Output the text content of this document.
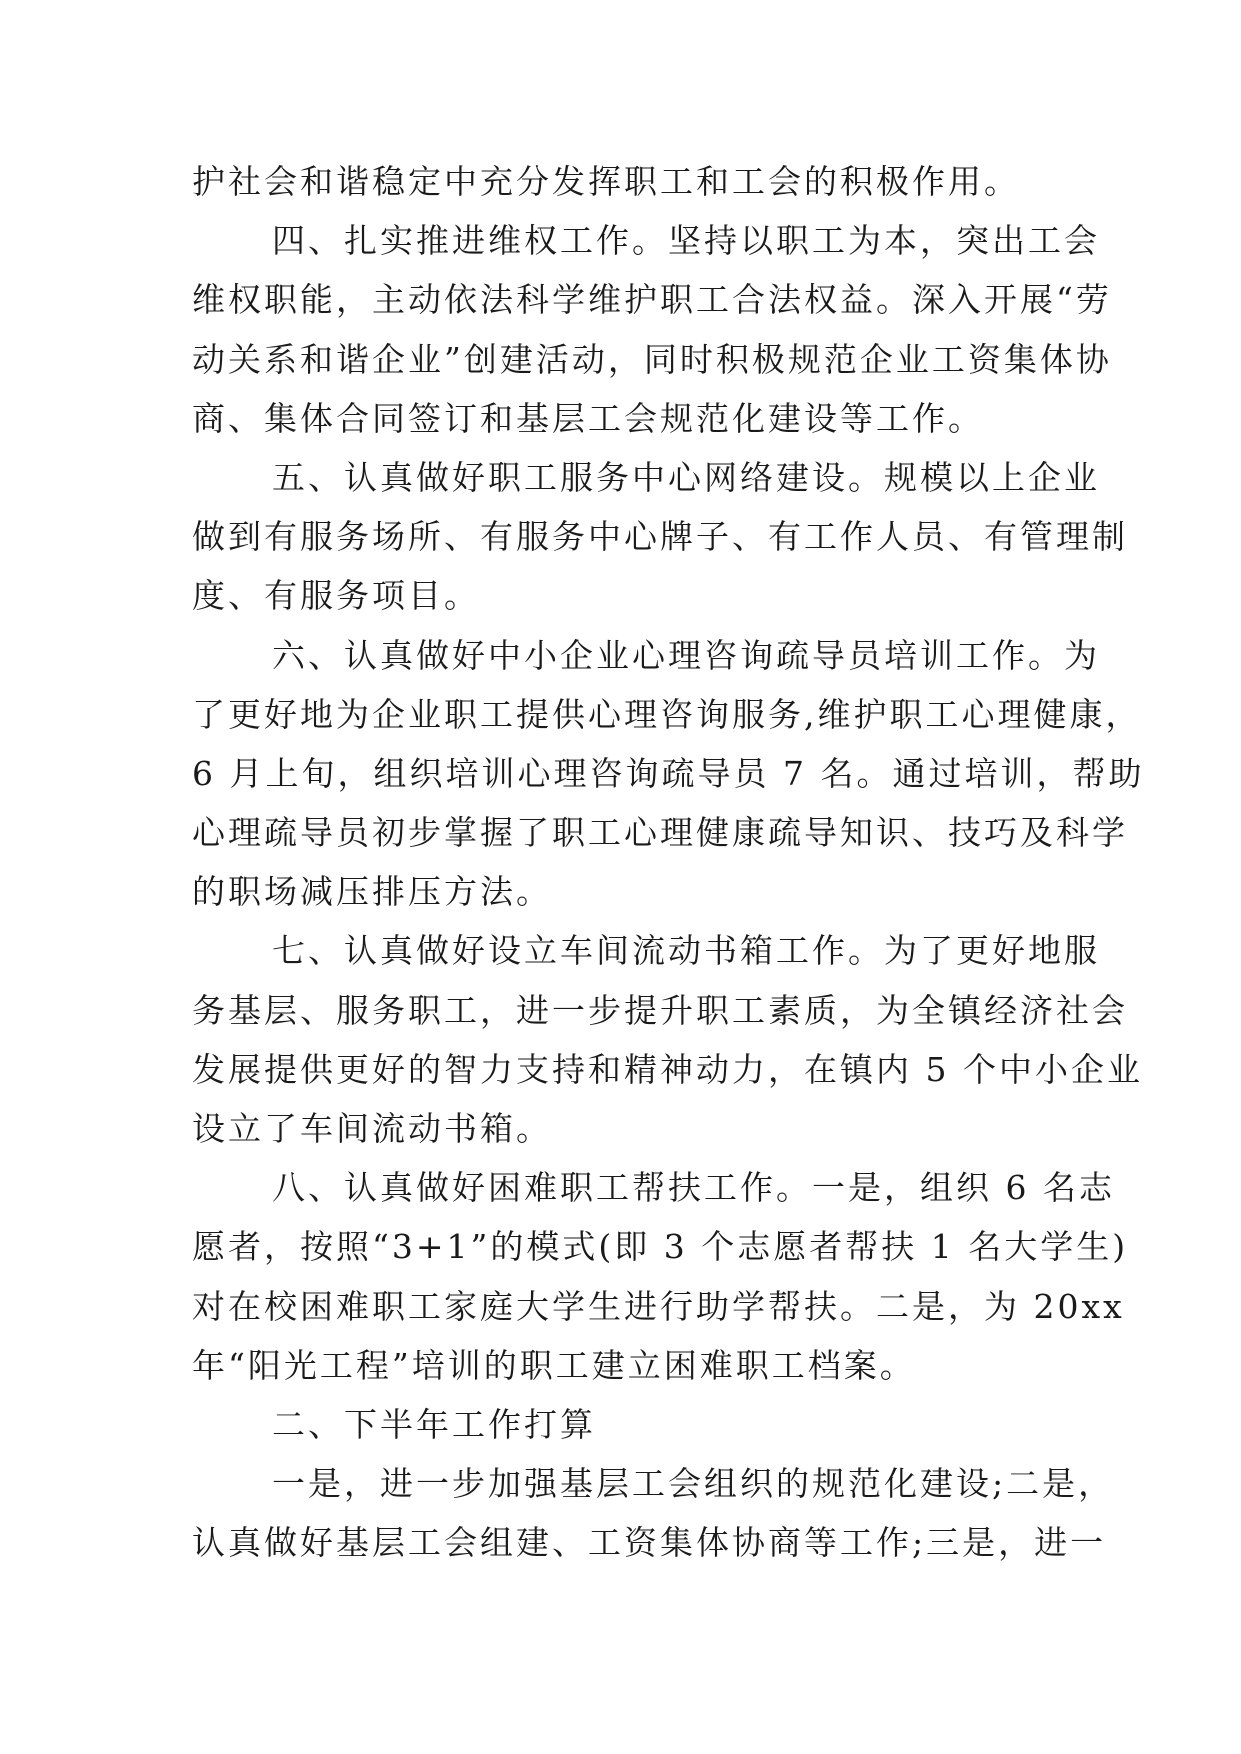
护社会和谐稳定中充分发挥职工和工会的积极作用。
四、扎实推进维权工作。坚持以职工为本，突出工会
维权职能，主动依法科学维护职工合法权益。深入开展“劳
动关系和谐企业”创建活动，同时积极规范企业工资集体协
商、集体合同签订和基层工会规范化建设等工作。
五、认真做好职工服务中心网络建设。规模以上企业
做到有服务场所、有服务中心牌子、有工作人员、有管理制
度、有服务项目。
六、认真做好中小企业心理咨询疏导员培训工作。为
了更好地为企业职工提供心理咨询服务,维护职工心理健康，
6 月上旬，组织培训心理咨询疏导员 7 名。通过培训，帮助
心理疏导员初步掌握了职工心理健康疏导知识、技巧及科学
的职场减压排压方法。
七、认真做好设立车间流动书箱工作。为了更好地服
务基层、服务职工，进一步提升职工素质，为全镇经济社会
发展提供更好的智力支持和精神动力，在镇内 5 个中小企业
设立了车间流动书箱。
八、认真做好困难职工帮扶工作。一是，组织 6 名志
愿者，按照“3+1”的模式(即 3 个志愿者帮扶 1 名大学生)
对在校困难职工家庭大学生进行助学帮扶。二是，为 20xx
年“阳光工程”培训的职工建立困难职工档案。
二、下半年工作打算
一是，进一步加强基层工会组织的规范化建设;二是，
认真做好基层工会组建、工资集体协商等工作;三是，进一
